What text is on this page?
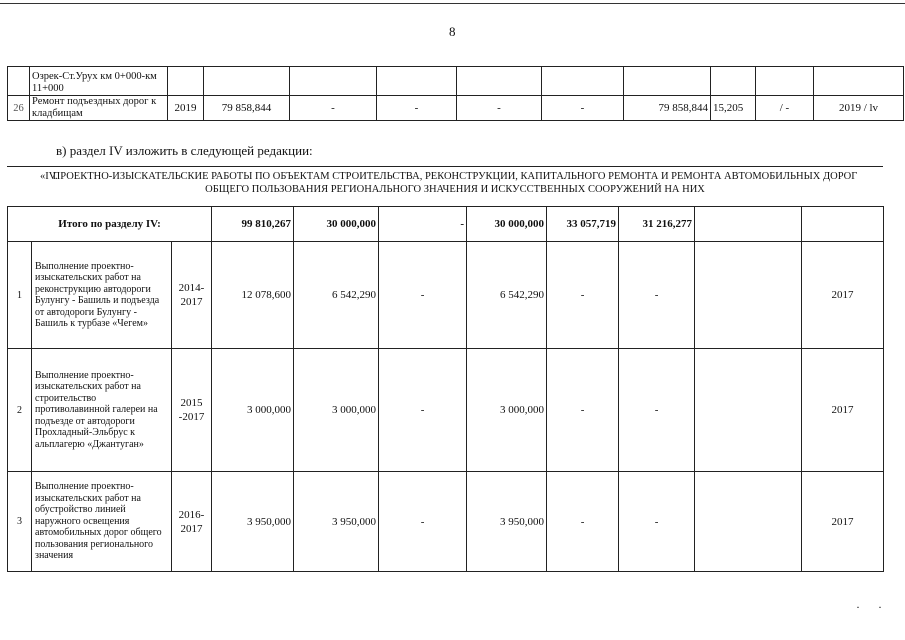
8
	Озрек-Ст.Урух км 0+000-км 11+000										
26	Ремонт подъездных дорог к кладбищам	2019	79 858,844	-	-	-	-	79 858,844	15,205	/ -	2019 / lv
в) раздел IV изложить в следующей редакции:
«IV.
ПРОЕКТНО-ИЗЫСКАТЕЛЬСКИЕ РАБОТЫ ПО ОБЪЕКТАМ СТРОИТЕЛЬСТВА, РЕКОНСТРУКЦИИ, КАПИТАЛЬНОГО РЕМОНТА И РЕМОНТА АВТОМОБИЛЬНЫХ ДОРОГ ОБЩЕГО ПОЛЬЗОВАНИЯ РЕГИОНАЛЬНОГО ЗНАЧЕНИЯ И ИСКУССТВЕННЫХ СООРУЖЕНИЙ НА НИХ
Итого по разделу IV:			99 810,267	30 000,000	-	30 000,000	33 057,719	31 216,277		
1	Выполнение проектно-изыскательских работ на реконструкцию автодороги Булунгу - Башиль и подъезда от автодороги Булунгу - Башиль к турбазе «Чегем»	2014-2017	12 078,600	6 542,290	-	6 542,290	-	-		2017
2	Выполнение проектно-изыскательских работ на строительство противолавинной галереи на подъезде от автодороги Прохладный-Эльбрус к альплагерю «Джантуган»	2015 -2017	3 000,000	3 000,000	-	3 000,000	-	-		2017
3	Выполнение проектно-изыскательских работ на обустройство линией наружного освещения автомобильных дорог общего пользования регионального значения	2016-2017	3 950,000	3 950,000	-	3 950,000	-	-		2017
··
